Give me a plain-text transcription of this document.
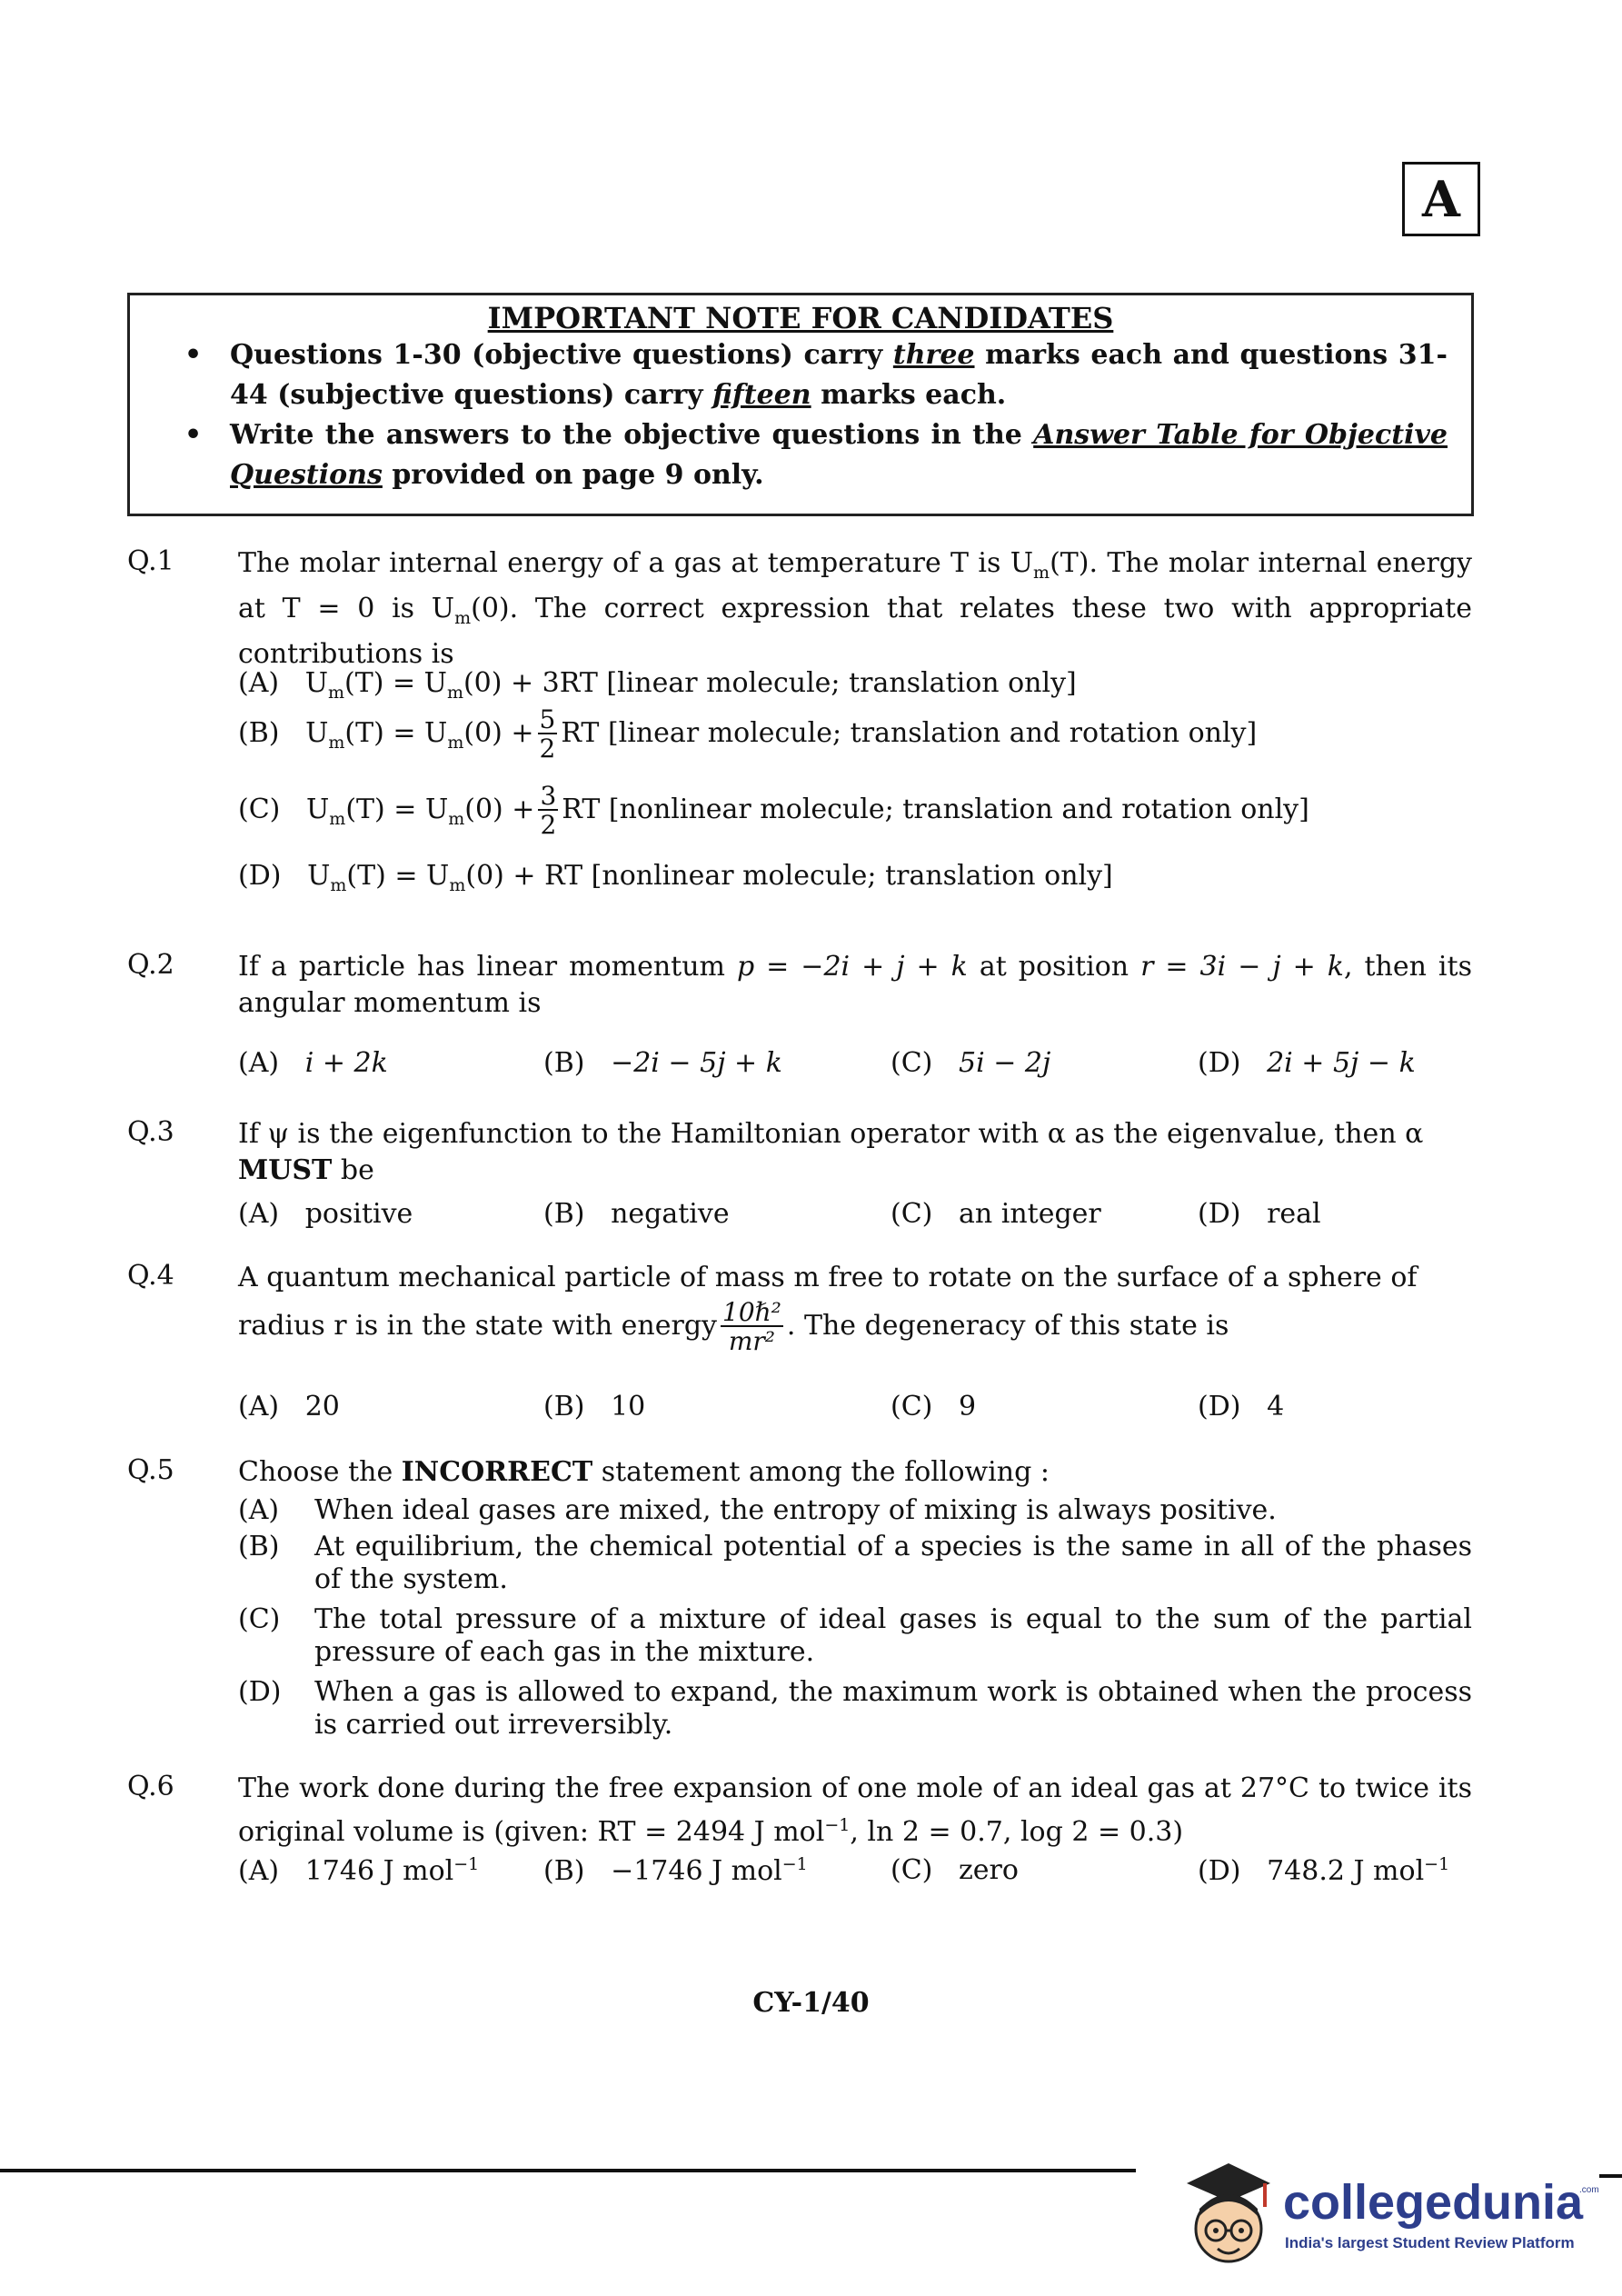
A
IMPORTANT NOTE FOR CANDIDATES
• Questions 1-30 (objective questions) carry three marks each and questions 31-44 (subjective questions) carry fifteen marks each.
• Write the answers to the objective questions in the Answer Table for Objective Questions provided on page 9 only.
Q.1 The molar internal energy of a gas at temperature T is $U_m(T)$. The molar internal energy at T = 0 is $U_m(0)$. The correct expression that relates these two with appropriate contributions is
(A) $U_m(T) = U_m(0) + 3RT$ [linear molecule; translation only]
(B) $U_m(T) = U_m(0) + \frac{5}{2}$ RT [linear molecule; translation and rotation only]
(C) $U_m(T) = U_m(0) + \frac{3}{2}$ RT [nonlinear molecule; translation and rotation only]
(D) $U_m(T) = U_m(0)$ + RT [nonlinear molecule; translation only]
Q.2 If a particle has linear momentum p = −2i + j + k at position r = 3i − j + k, then its angular momentum is
(A) i + 2k	(B) −2i − 5j + k	(C) 5i − 2j	(D) 2i + 5j − k
Q.3 If ψ is the eigenfunction to the Hamiltonian operator with α as the eigenvalue, then α
MUST be
(A) positive	(B) negative	(C) an integer	(D) real
Q.4 A quantum mechanical particle of mass m free to rotate on the surface of a sphere of
radius r is in the state with energy $\frac{\text{10ℏ²}}{\text{mr²}}$ . The degeneracy of this state is
(A) 20	(B) 10	(C) 9	(D) 4
Q.5 Choose the INCORRECT statement among the following :
(A) When ideal gases are mixed, the entropy of mixing is always positive.
(B) At equilibrium, the chemical potential of a species is the same in all of the phases of the system.
(C) The total pressure of a mixture of ideal gases is equal to the sum of the partial pressure of each gas in the mixture.
(D) When a gas is allowed to expand, the maximum work is obtained when the process is carried out irreversibly.
Q.6 The work done during the free expansion of one mole of an ideal gas at 27°C to twice its original volume is (given: RT = 2494 J mol$^{-1}$, ln 2 = 0.7, log 2 = 0.3)
(A) 1746 J mol$^{-1}$ (B) −1746 J mol$^{-1}$	(C) zero	(D) 748.2 J mol$^{-1}$
CY-1/40
collegedunia
.com
India's largest Student Review Platform
